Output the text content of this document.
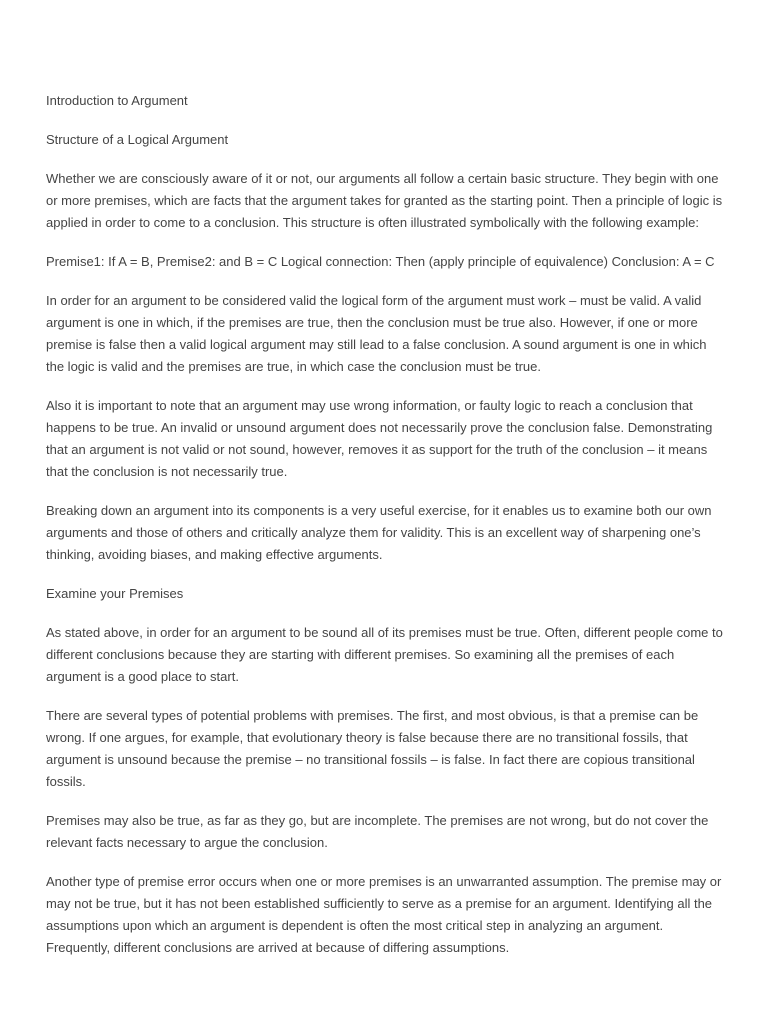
Introduction to Argument

Structure of a Logical Argument

Whether we are consciously aware of it or not, our arguments all follow a certain basic structure. They begin with one or more premises, which are facts that the argument takes for granted as the starting point. Then a principle of logic is applied in order to come to a conclusion. This structure is often illustrated symbolically with the following example:

Premise1: If A = B, Premise2: and B = C Logical connection: Then (apply principle of equivalence) Conclusion: A = C

In order for an argument to be considered valid the logical form of the argument must work – must be valid. A valid argument is one in which, if the premises are true, then the conclusion must be true also. However, if one or more premise is false then a valid logical argument may still lead to a false conclusion. A sound argument is one in which the logic is valid and the premises are true, in which case the conclusion must be true.

Also it is important to note that an argument may use wrong information, or faulty logic to reach a conclusion that happens to be true. An invalid or unsound argument does not necessarily prove the conclusion false. Demonstrating that an argument is not valid or not sound, however, removes it as support for the truth of the conclusion – it means that the conclusion is not necessarily true.

Breaking down an argument into its components is a very useful exercise, for it enables us to examine both our own arguments and those of others and critically analyze them for validity. This is an excellent way of sharpening one’s thinking, avoiding biases, and making effective arguments.

Examine your Premises

As stated above, in order for an argument to be sound all of its premises must be true. Often, different people come to different conclusions because they are starting with different premises. So examining all the premises of each argument is a good place to start.

There are several types of potential problems with premises. The first, and most obvious, is that a premise can be wrong. If one argues, for example, that evolutionary theory is false because there are no transitional fossils, that argument is unsound because the premise – no transitional fossils – is false. In fact there are copious transitional fossils.

Premises may also be true, as far as they go, but are incomplete. The premises are not wrong, but do not cover the relevant facts necessary to argue the conclusion.

Another type of premise error occurs when one or more premises is an unwarranted assumption. The premise may or may not be true, but it has not been established sufficiently to serve as a premise for an argument. Identifying all the assumptions upon which an argument is dependent is often the most critical step in analyzing an argument. Frequently, different conclusions are arrived at because of differing assumptions.
